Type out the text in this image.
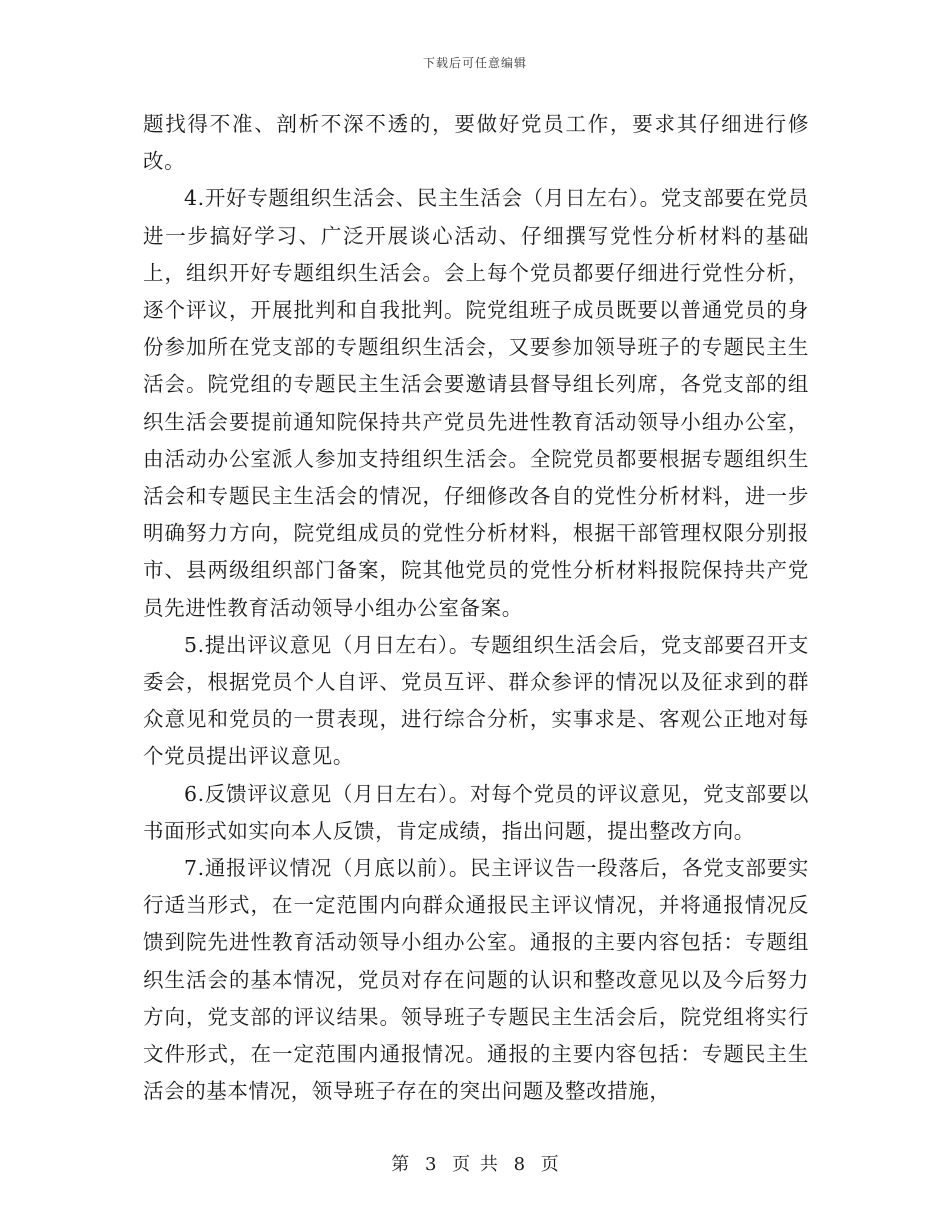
下载后可任意编辑

题找得不准、剖析不深不透的，要做好党员工作，要求其仔细进行修改。

4.开好专题组织生活会、民主生活会（月日左右）。党支部要在党员进一步搞好学习、广泛开展谈心活动、仔细撰写党性分析材料的基础上，组织开好专题组织生活会。会上每个党员都要仔细进行党性分析，逐个评议，开展批判和自我批判。院党组班子成员既要以普通党员的身份参加所在党支部的专题组织生活会，又要参加领导班子的专题民主生活会。院党组的专题民主生活会要邀请县督导组长列席，各党支部的组织生活会要提前通知院保持共产党员先进性教育活动领导小组办公室，由活动办公室派人参加支持组织生活会。全院党员都要根据专题组织生活会和专题民主生活会的情况，仔细修改各自的党性分析材料，进一步明确努力方向，院党组成员的党性分析材料，根据干部管理权限分别报市、县两级组织部门备案，院其他党员的党性分析材料报院保持共产党员先进性教育活动领导小组办公室备案。

5.提出评议意见（月日左右）。专题组织生活会后，党支部要召开支委会，根据党员个人自评、党员互评、群众参评的情况以及征求到的群众意见和党员的一贯表现，进行综合分析，实事求是、客观公正地对每个党员提出评议意见。

6.反馈评议意见（月日左右）。对每个党员的评议意见，党支部要以书面形式如实向本人反馈，肯定成绩，指出问题，提出整改方向。

7.通报评议情况（月底以前）。民主评议告一段落后，各党支部要实行适当形式，在一定范围内向群众通报民主评议情况，并将通报情况反馈到院先进性教育活动领导小组办公室。通报的主要内容包括：专题组织生活会的基本情况，党员对存在问题的认识和整改意见以及今后努力方向，党支部的评议结果。领导班子专题民主生活会后，院党组将实行文件形式，在一定范围内通报情况。通报的主要内容包括：专题民主生活会的基本情况，领导班子存在的突出问题及整改措施，

第 3 页 共 8 页
